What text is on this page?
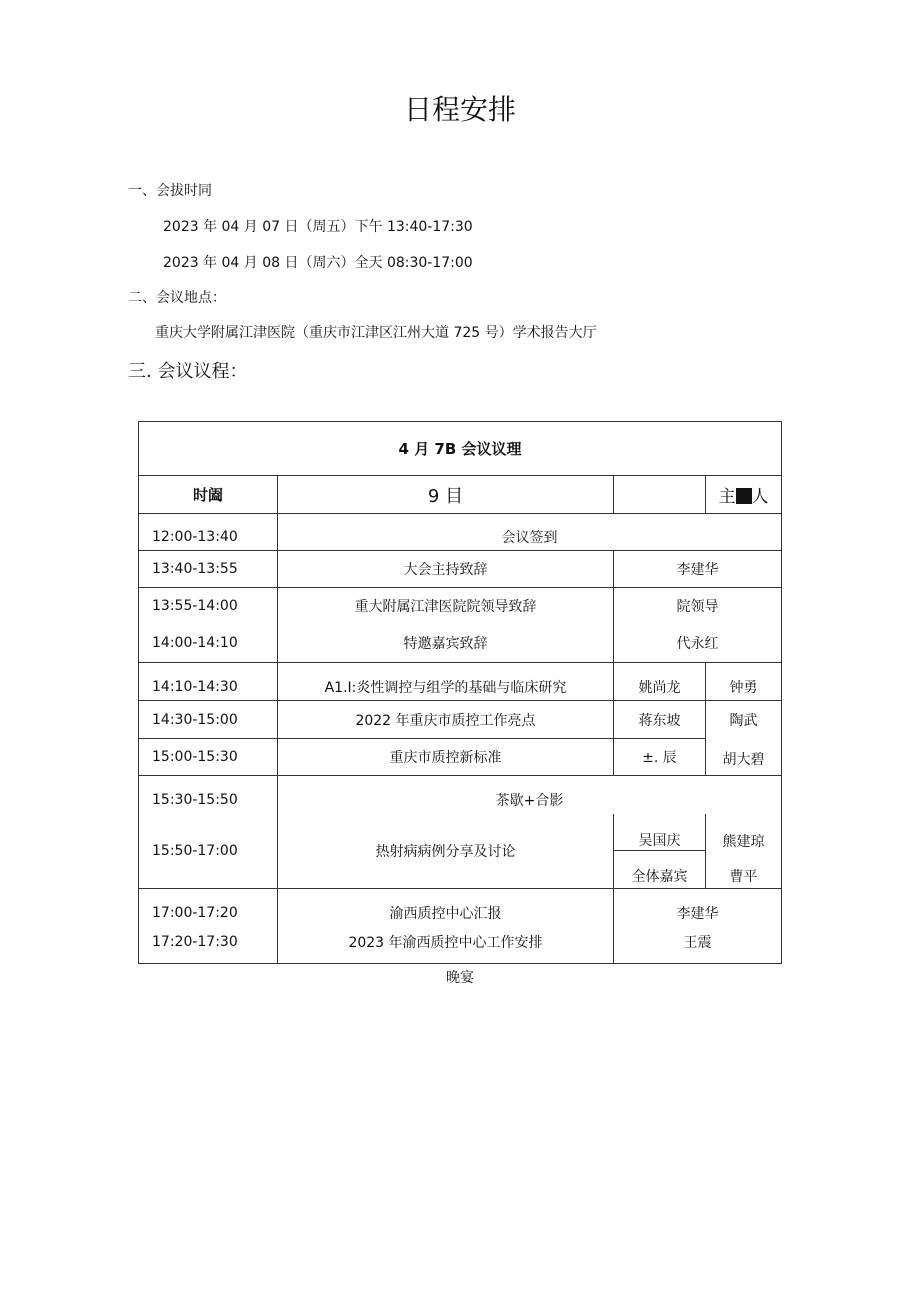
日程安排
一、会拔时同
2023 年 04 月 07 日（周五）下午 13:40-17:30
2023 年 04 月 08 日（周六）全天 08:30-17:00
二、会议地点：
重庆大学附属江津医院（重庆市江津区江州大道 725 号）学术报告大厅
三. 会议议程：
4 月 7B 会议议理			
时阖	9 目		主 人
12:00-13:40	会议签到		
13:40-13:55	大会主持致辞	李建华	
13:55-14:00	重大附属江津医院院领导致辞	院领导	
14:00-14:10	特邀嘉宾致辞	代永红	
14:10-14:30	A1.I:炎性调控与组学的基础与临床研究	姚尚龙	钟勇
14:30-15:00	2022 年重庆市质控工作亮点	蒋东坡	陶武
15:00-15:30	重庆市质控新标准	±. 辰	胡大碧
15:30-15:50	茶歇+合影		
15:50-17:00	热射病病例分享及讨论	吴国庆	熊建琼
		全体嘉宾	曹平
17:00-17:20	渝西质控中心汇报	李建华	
17:20-17:30	2023 年渝西质控中心工作安排	王震	
晚宴
